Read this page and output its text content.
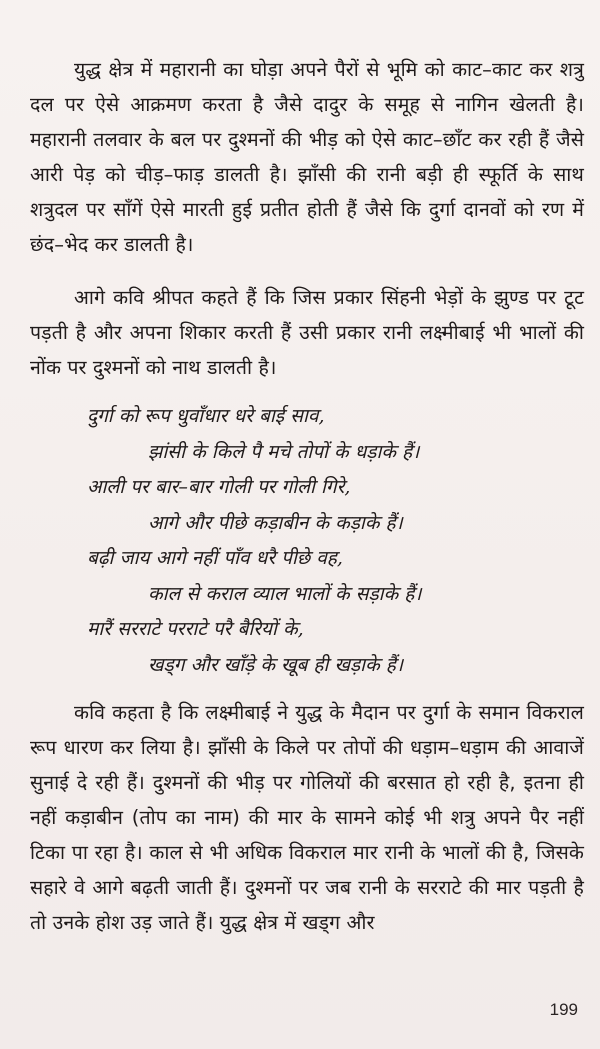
युद्ध क्षेत्र में महारानी का घोड़ा अपने पैरों से भूमि को काट–काट कर शत्रु दल पर ऐसे आक्रमण करता है जैसे दादुर के समूह से नागिन खेलती है। महारानी तलवार के बल पर दुश्मनों की भीड़ को ऐसे काट–छाँट कर रही हैं जैसे आरी पेड़ को चीड़–फाड़ डालती है। झाँसी की रानी बड़ी ही स्फूर्ति के साथ शत्रुदल पर साँगें ऐसे मारती हुई प्रतीत होती हैं जैसे कि दुर्गा दानवों को रण में छंद–भेद कर डालती है।

आगे कवि श्रीपत कहते हैं कि जिस प्रकार सिंहनी भेड़ों के झुण्ड पर टूट पड़ती है और अपना शिकार करती हैं उसी प्रकार रानी लक्ष्मीबाई भी भालों की नोंक पर दुश्मनों को नाथ डालती है।

दुर्गा को रूप धुवाँधार धरे बाई साव,
झांसी के किले पै मचे तोपों के धड़ाके हैं।
आली पर बार–बार गोली पर गोली गिरे,
आगे और पीछे कड़ाबीन के कड़ाके हैं।
बढ़ी जाय आगे नहीं पाँव धरै पीछे वह,
काल से कराल व्याल भालों के सड़ाके हैं।
मारैं सरराटे परराटे परै बैरियों के,
खड्ग और खाँड़े के खूब ही खड़ाके हैं।

कवि कहता है कि लक्ष्मीबाई ने युद्ध के मैदान पर दुर्गा के समान विकराल रूप धारण कर लिया है। झाँसी के किले पर तोपों की धड़ाम–धड़ाम की आवाजें सुनाई दे रही हैं। दुश्मनों की भीड़ पर गोलियों की बरसात हो रही है, इतना ही नहीं कड़ाबीन (तोप का नाम) की मार के सामने कोई भी शत्रु अपने पैर नहीं टिका पा रहा है। काल से भी अधिक विकराल मार रानी के भालों की है, जिसके सहारे वे आगे बढ़ती जाती हैं। दुश्मनों पर जब रानी के सरराटे की मार पड़ती है तो उनके होश उड़ जाते हैं। युद्ध क्षेत्र में खड्ग और

199
